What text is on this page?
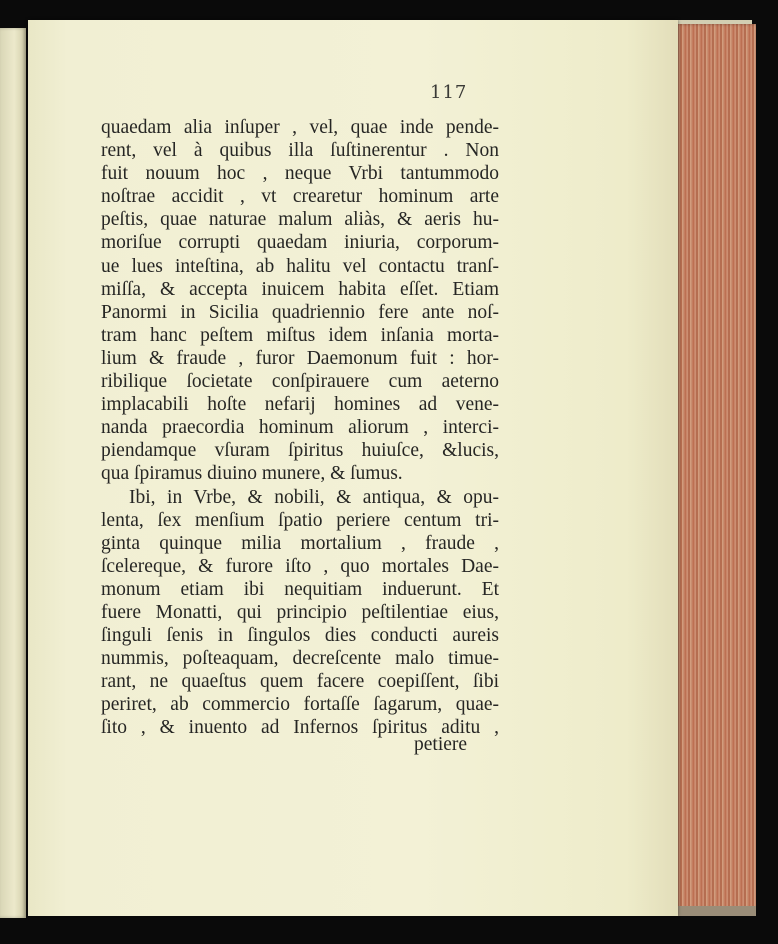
117
quaedam alia inſuper , vel, quae inde pende-
rent, vel à quibus illa ſuſtinerentur . Non
fuit nouum hoc , neque Vrbi tantummodo
noſtrae accidit , vt crearetur hominum arte
peſtis, quae naturae malum aliàs, & aeris hu-
moriſue corrupti quaedam iniuria, corporum-
ue lues inteſtina, ab halitu vel contactu tranſ-
miſſa, & accepta inuicem habita eſſet. Etiam
Panormi in Sicilia quadriennio fere ante noſ-
tram hanc peſtem miſtus idem inſania morta-
lium & fraude , furor Daemonum fuit : hor-
ribilique ſocietate conſpirauere cum aeterno
implacabili hoſte nefarij homines ad vene-
nanda praecordia hominum aliorum , interci-
piendamque vſuram ſpiritus huiuſce, &lucis,
qua ſpiramus diuino munere, & ſumus.
Ibi, in Vrbe, & nobili, & antiqua, & opu-
lenta, ſex menſium ſpatio periere centum tri-
ginta quinque milia mortalium , fraude ,
ſcelereque, & furore iſto , quo mortales Dae-
monum etiam ibi nequitiam induerunt. Et
fuere Monatti, qui principio peſtilentiae eius,
ſinguli ſenis in ſingulos dies conducti aureis
nummis, poſteaquam, decreſcente malo timue-
rant, ne quaeſtus quem facere coepiſſent, ſibi
periret, ab commercio fortaſſe ſagarum, quae-
ſito , & inuento ad Infernos ſpiritus aditu ,
petiere
